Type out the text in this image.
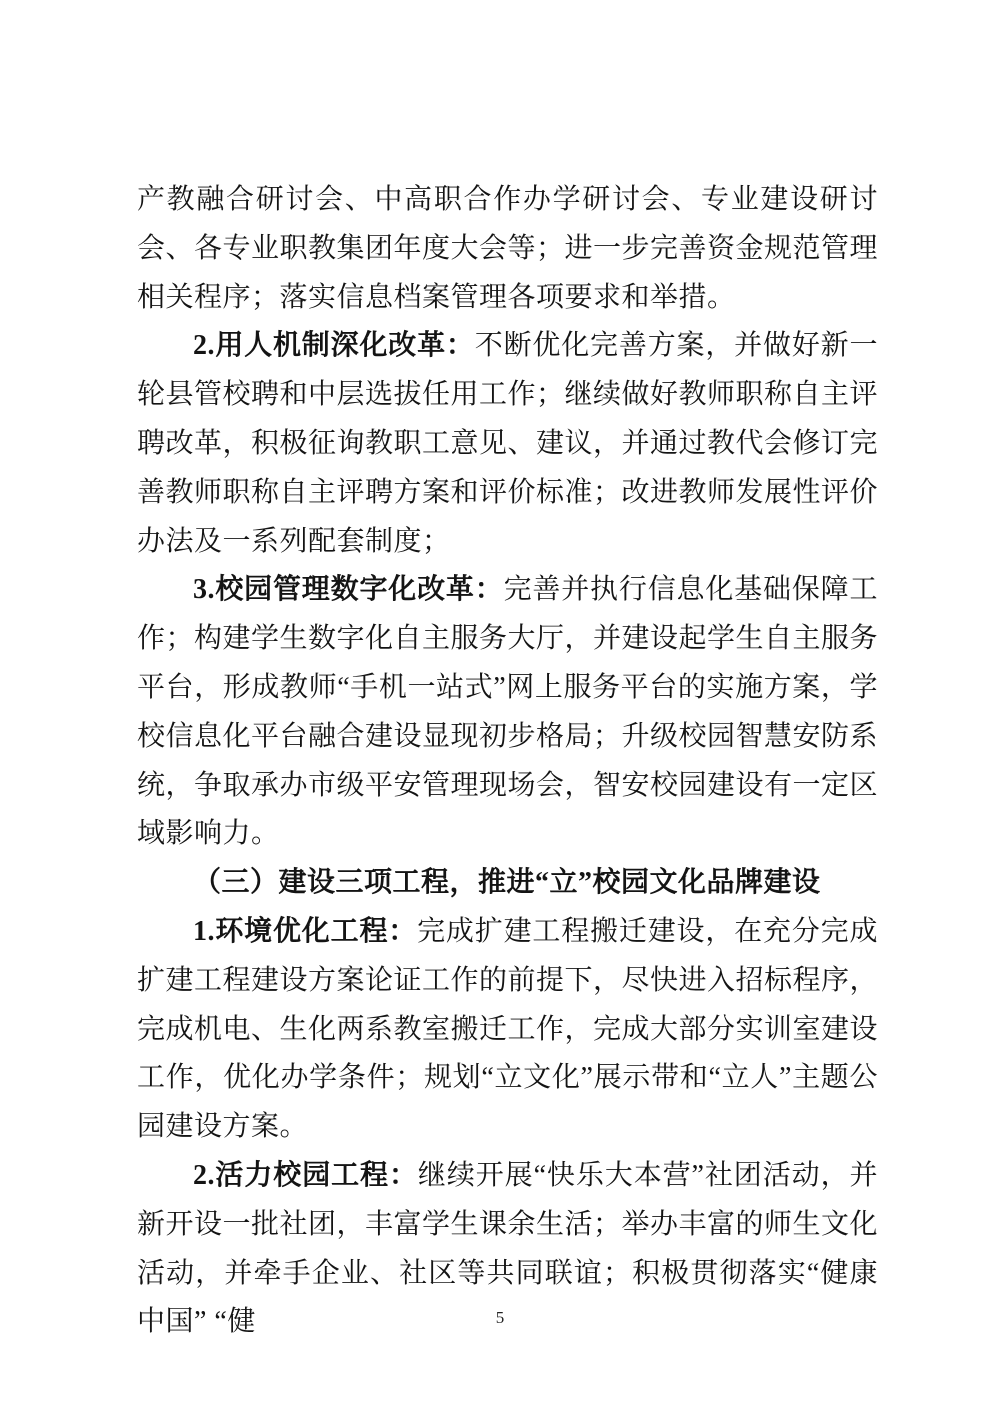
产教融合研讨会、中高职合作办学研讨会、专业建设研讨会、各专业职教集团年度大会等；进一步完善资金规范管理相关程序；落实信息档案管理各项要求和举措。

2.用人机制深化改革：不断优化完善方案，并做好新一轮县管校聘和中层选拔任用工作；继续做好教师职称自主评聘改革，积极征询教职工意见、建议，并通过教代会修订完善教师职称自主评聘方案和评价标准；改进教师发展性评价办法及一系列配套制度；

3.校园管理数字化改革：完善并执行信息化基础保障工作；构建学生数字化自主服务大厅，并建设起学生自主服务平台，形成教师“手机一站式”网上服务平台的实施方案，学校信息化平台融合建设显现初步格局；升级校园智慧安防系统，争取承办市级平安管理现场会，智安校园建设有一定区域影响力。

（三）建设三项工程，推进“立”校园文化品牌建设

1.环境优化工程：完成扩建工程搬迁建设，在充分完成扩建工程建设方案论证工作的前提下，尽快进入招标程序，完成机电、生化两系教室搬迁工作，完成大部分实训室建设工作，优化办学条件；规划“立文化”展示带和“立人”主题公园建设方案。

2.活力校园工程：继续开展“快乐大本营”社团活动，并新开设一批社团，丰富学生课余生活；举办丰富的师生文化活动，并牵手企业、社区等共同联谊；积极贯彻落实“健康中国” “健	5
